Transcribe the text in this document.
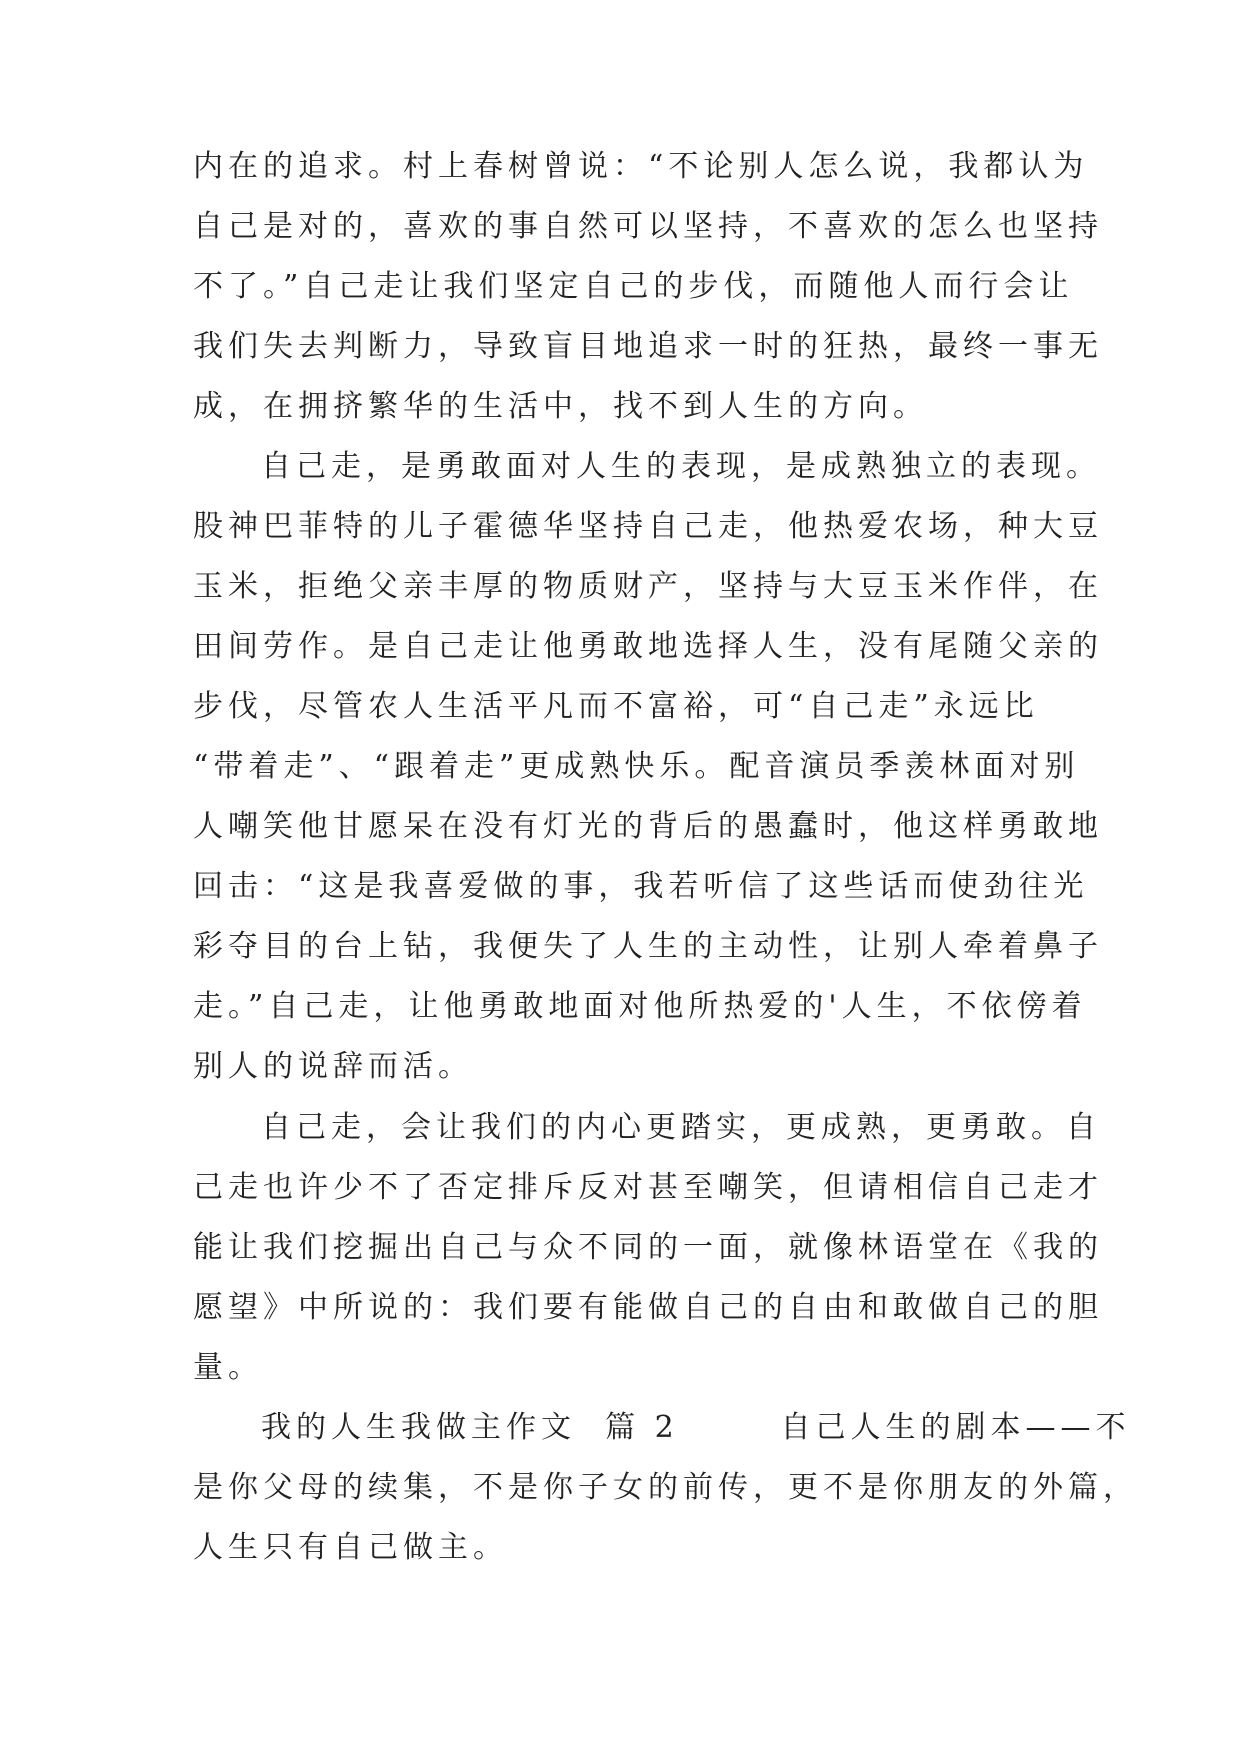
内在的追求。村上春树曾说：“不论别人怎么说，我都认为
自己是对的，喜欢的事自然可以坚持，不喜欢的怎么也坚持
不了。”自己走让我们坚定自己的步伐，而随他人而行会让
我们失去判断力，导致盲目地追求一时的狂热，最终一事无
成，在拥挤繁华的生活中，找不到人生的方向。
自己走，是勇敢面对人生的表现，是成熟独立的表现。
股神巴菲特的儿子霍德华坚持自己走，他热爱农场，种大豆
玉米，拒绝父亲丰厚的物质财产，坚持与大豆玉米作伴，在
田间劳作。是自己走让他勇敢地选择人生，没有尾随父亲的
步伐，尽管农人生活平凡而不富裕，可“自己走”永远比
“带着走”、“跟着走”更成熟快乐。配音演员季羡林面对别
人嘲笑他甘愿呆在没有灯光的背后的愚蠢时，他这样勇敢地
回击：“这是我喜爱做的事，我若听信了这些话而使劲往光
彩夺目的台上钻，我便失了人生的主动性，让别人牵着鼻子
走。”自己走，让他勇敢地面对他所热爱的'人生，不依傍着
别人的说辞而活。
自己走，会让我们的内心更踏实，更成熟，更勇敢。自
己走也许少不了否定排斥反对甚至嘲笑，但请相信自己走才
能让我们挖掘出自己与众不同的一面，就像林语堂在《我的
愿望》中所说的：我们要有能做自己的自由和敢做自己的胆
量。
我的人生我做主作文  篇 2       自己人生的剧本——不
是你父母的续集，不是你子女的前传，更不是你朋友的外篇，
人生只有自己做主。
